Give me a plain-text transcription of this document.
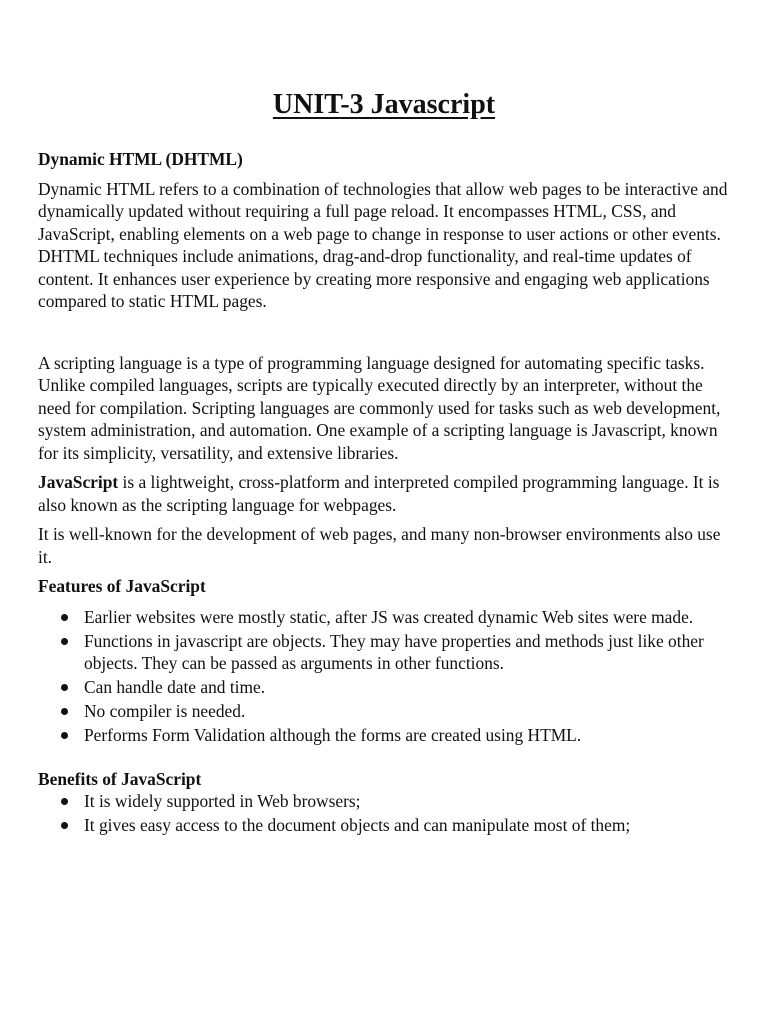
UNIT-3 Javascript

Dynamic HTML (DHTML)

Dynamic HTML refers to a combination of technologies that allow web pages to be interactive and dynamically updated without requiring a full page reload. It encompasses HTML, CSS, and JavaScript, enabling elements on a web page to change in response to user actions or other events. DHTML techniques include animations, drag-and-drop functionality, and real-time updates of content. It enhances user experience by creating more responsive and engaging web applications compared to static HTML pages.

A scripting language is a type of programming language designed for automating specific tasks. Unlike compiled languages, scripts are typically executed directly by an interpreter, without the need for compilation. Scripting languages are commonly used for tasks such as web development, system administration, and automation. One example of a scripting language is Javascript, known for its simplicity, versatility, and extensive libraries.

JavaScript is a lightweight, cross-platform and interpreted compiled programming language. It is also known as the scripting language for webpages.

It is well-known for the development of web pages, and many non-browser environments also use it.

Features of JavaScript

Earlier websites were mostly static, after JS was created dynamic Web sites were made.
Functions in javascript are objects. They may have properties and methods just like other objects. They can be passed as arguments in other functions.
Can handle date and time.
No compiler is needed.
Performs Form Validation although the forms are created using HTML.

Benefits of JavaScript

It is widely supported in Web browsers;
It gives easy access to the document objects and can manipulate most of them;
